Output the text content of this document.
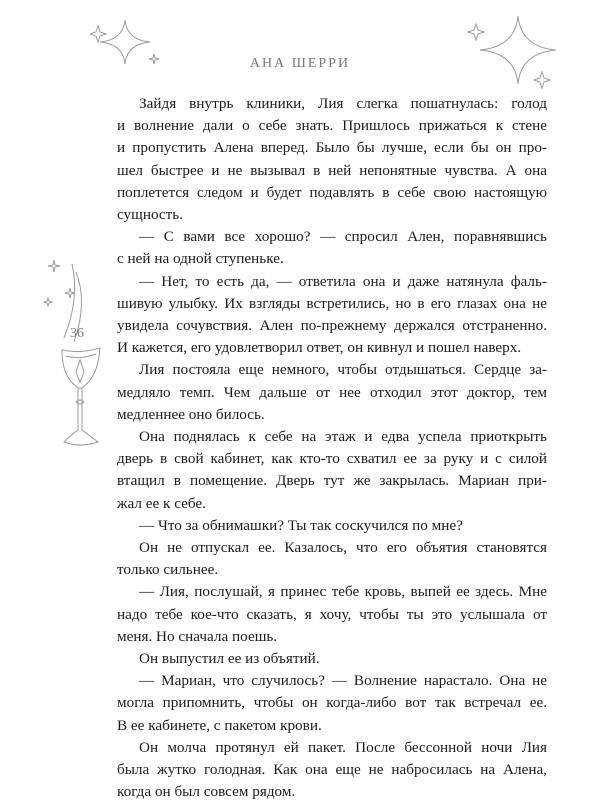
АНА ШЕРРИ
36

Зайдя внутрь клиники, Лия слегка пошатнулась: голод
и волнение дали о себе знать. Пришлось прижаться к стене
и пропустить Алена вперед. Было бы лучше, если бы он про-
шел быстрее и не вызывал в ней непонятные чувства. А она
поплетется следом и будет подавлять в себе свою настоящую
сущность.

— С вами все хорошо? — спросил Ален, поравнявшись
с ней на одной ступеньке.

— Нет, то есть да, — ответила она и даже натянула фаль-
шивую улыбку. Их взгляды встретились, но в его глазах она не
увидела сочувствия. Ален по-прежнему держался отстраненно.
И кажется, его удовлетворил ответ, он кивнул и пошел наверх.

Лия постояла еще немного, чтобы отдышаться. Сердце за-
медляло темп. Чем дальше от нее отходил этот доктор, тем
медленнее оно билось.

Она поднялась к себе на этаж и едва успела приоткрыть
дверь в свой кабинет, как кто-то схватил ее за руку и с силой
втащил в помещение. Дверь тут же закрылась. Мариан при-
жал ее к себе.

— Что за обнимашки? Ты так соскучился по мне?

Он не отпускал ее. Казалось, что его объятия становятся
только сильнее.

— Лия, послушай, я принес тебе кровь, выпей ее здесь. Мне
надо тебе кое-что сказать, я хочу, чтобы ты это услышала от
меня. Но сначала поешь.

Он выпустил ее из объятий.

— Мариан, что случилось? — Волнение нарастало. Она не
могла припомнить, чтобы он когда-либо вот так встречал ее.
В ее кабинете, с пакетом крови.

Он молча протянул ей пакет. После бессонной ночи Лия
была жутко голодная. Как она еще не набросилась на Алена,
когда он был совсем рядом.
